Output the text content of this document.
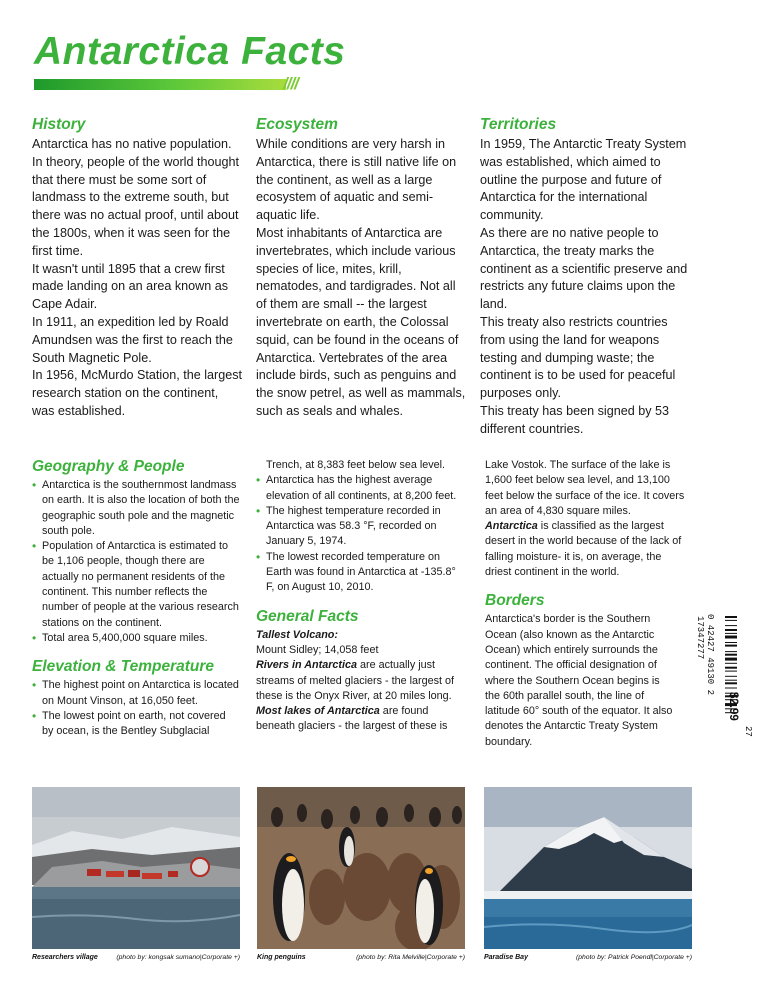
Antarctica Facts
////
History

Antarctica has no native population. In theory, people of the world thought that there must be some sort of landmass to the extreme south, but there was no actual proof, until about the 1800s, when it was seen for the first time.

It wasn't until 1895 that a crew first made landing on an area known as Cape Adair.

In 1911, an expedition led by Roald Amundsen was the first to reach the South Magnetic Pole.

In 1956, McMurdo Station, the largest research station on the continent, was established.

Ecosystem

While conditions are very harsh in Antarctica, there is still native life on the continent, as well as a large ecosystem of aquatic and semi-aquatic life.

Most inhabitants of Antarctica are invertebrates, which include various species of lice, mites, krill, nematodes, and tardigrades. Not all of them are small -- the largest invertebrate on earth, the Colossal squid, can be found in the oceans of Antarctica. Vertebrates of the area include birds, such as penguins and the snow petrel, as well as mammals, such as seals and whales.

Territories

In 1959, The Antarctic Treaty System was established, which aimed to outline the purpose and future of Antarctica for the international community.

As there are no native people to Antarctica, the treaty marks the continent as a scientific preserve and restricts any future claims upon the land.

This treaty also restricts countries from using the land for weapons testing and dumping waste; the continent is to be used for peaceful purposes only.

This treaty has been signed by 53 different countries.

Geography & People
• Antarctica is the southernmost landmass on earth. It is also the location of both the geographic south pole and the magnetic south pole.
• Population of Antarctica is estimated to be 1,106 people, though there are actually no permanent residents of the continent. This number reflects the number of people at the various research stations on the continent.
• Total area 5,400,000 square miles.
Elevation & Temperature
• The highest point on Antarctica is located on Mount Vinson, at 16,050 feet.
• The lowest point on earth, not covered by ocean, is the Bentley Subglacial

Trench, at 8,383 feet below sea level.

• Antarctica has the highest average elevation of all continents, at 8,200 feet.
• The highest temperature recorded in Antarctica was 58.3 °F, recorded on January 5, 1974.
• The lowest recorded temperature on Earth was found in Antarctica at -135.8° F, on August 10, 2010.
General Facts

Tallest Volcano:

Mount Sidley; 14,058 feet

Rivers in Antarctica are actually just streams of melted glaciers - the largest of these is the Onyx River, at 20 miles long.

Most lakes of Antarctica are found beneath glaciers - the largest of these is

Lake Vostok. The surface of the lake is 1,600 feet below sea level, and 13,100 feet below the surface of the ice. It covers an area of 4,830 square miles.

Antarctica is classified as the largest desert in the world because of the lack of falling moisture- it is, on average, the driest continent in the world.

Borders

Antarctica's border is the Southern Ocean (also known as the Antarctic Ocean) which entirely surrounds the continent. The official designation of where the Southern Ocean begins is the 60th parallel south, the line of latitude 60° south of the equator. It also denotes the Antarctic Treaty System boundary.

17347277 0 42427 49130 2
$2.99
27
Researchers village	(photo by: kongsak sumano|Corporate +) King penguins	(photo by: Rita Melville|Corporate +)	Paradise Bay	(photo by: Patrick Poendl|Corporate +)
